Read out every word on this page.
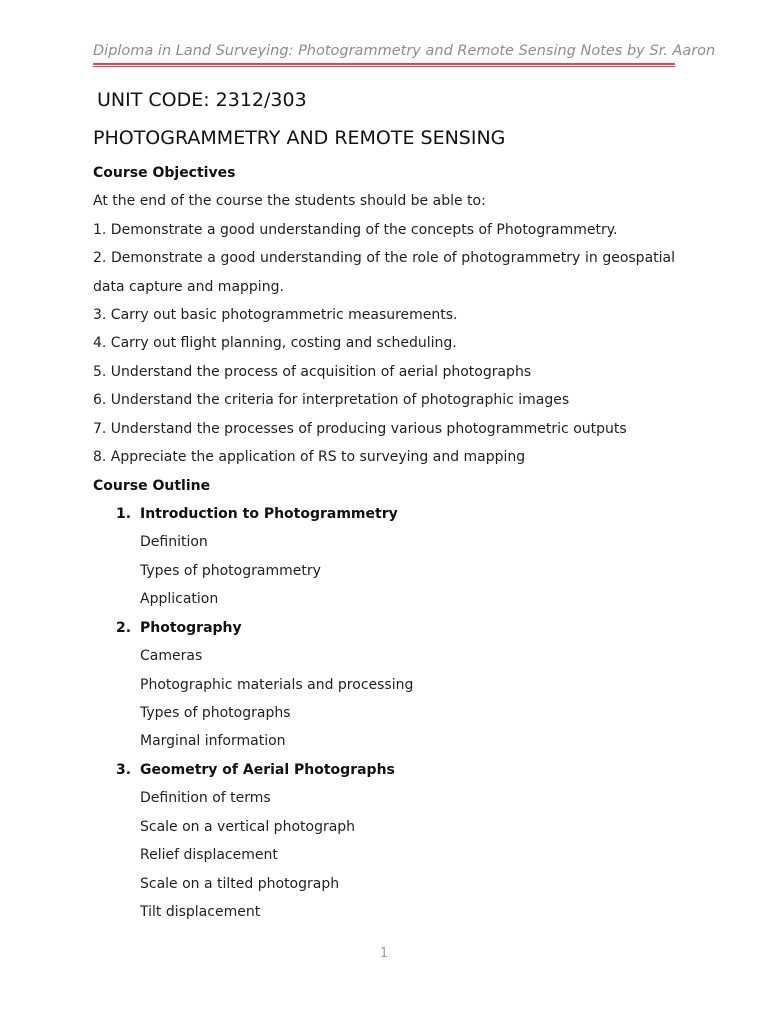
Diploma in Land Surveying: Photogrammetry and Remote Sensing Notes by Sr. Aaron
UNIT CODE: 2312/303
PHOTOGRAMMETRY AND REMOTE SENSING
Course Objectives
At the end of the course the students should be able to:
1. Demonstrate a good understanding of the concepts of Photogrammetry.
2. Demonstrate a good understanding of the role of photogrammetry in geospatial
data capture and mapping.
3. Carry out basic photogrammetric measurements.
4. Carry out flight planning, costing and scheduling.
5. Understand the process of acquisition of aerial photographs
6. Understand the criteria for interpretation of photographic images
7. Understand the processes of producing various photogrammetric outputs
8. Appreciate the application of RS to surveying and mapping
Course Outline
1. Introduction to Photogrammetry
Definition
Types of photogrammetry
Application
2. Photography
Cameras
Photographic materials and processing
Types of photographs
Marginal information
3. Geometry of Aerial Photographs
Definition of terms
Scale on a vertical photograph
Relief displacement
Scale on a tilted photograph
Tilt displacement
1
